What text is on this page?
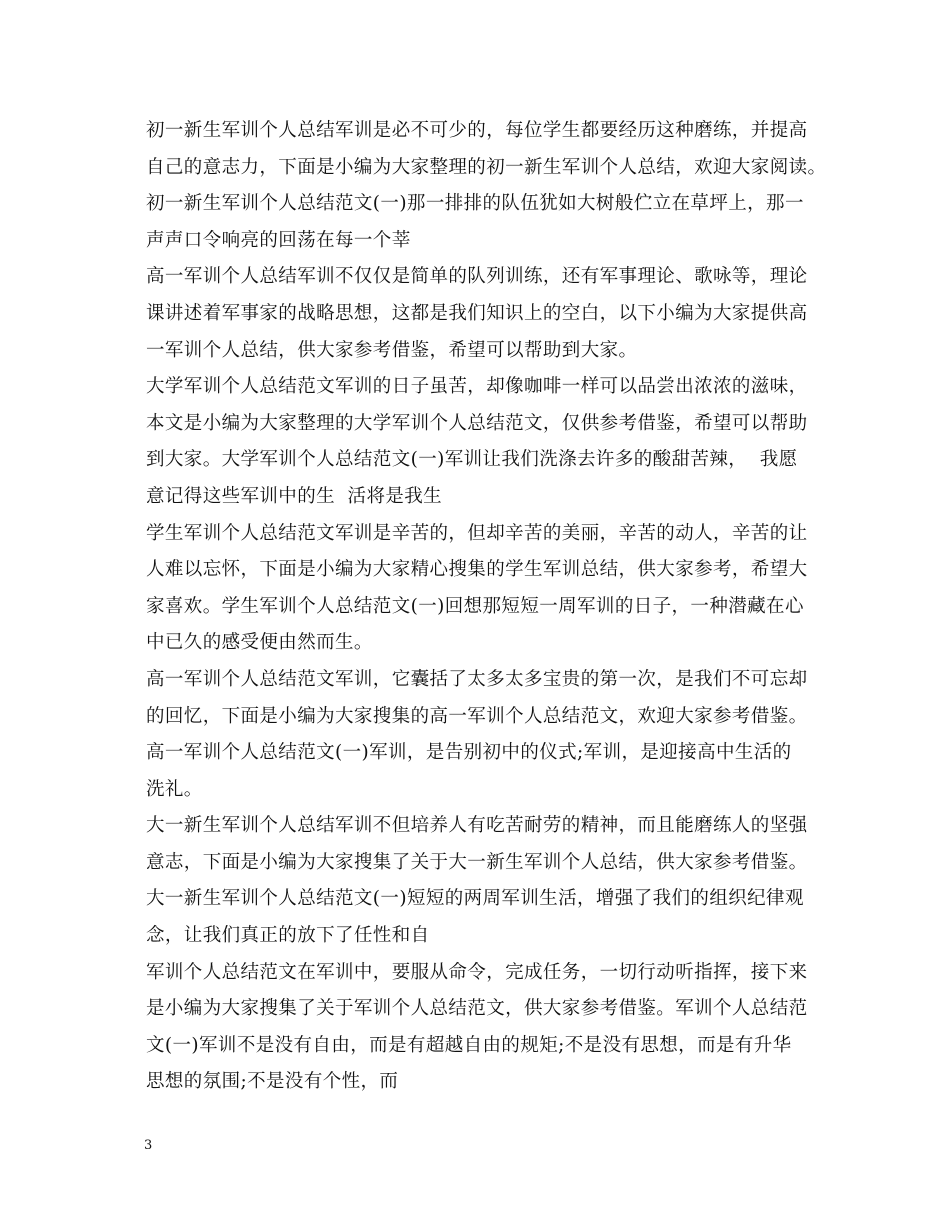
初一新生军训个人总结军训是必不可少的，每位学生都要经历这种磨练，并提高
自己的意志力，下面是小编为大家整理的初一新生军训个人总结，欢迎大家阅读。
初一新生军训个人总结范文(一)那一排排的队伍犹如大树般伫立在草坪上，那一
声声口令响亮的回荡在每一个莘
高一军训个人总结军训不仅仅是简单的队列训练，还有军事理论、歌咏等，理论
课讲述着军事家的战略思想，这都是我们知识上的空白，以下小编为大家提供高
一军训个人总结，供大家参考借鉴，希望可以帮助到大家。
大学军训个人总结范文军训的日子虽苦，却像咖啡一样可以品尝出浓浓的滋味，
本文是小编为大家整理的大学军训个人总结范文，仅供参考借鉴，希望可以帮助
到大家。大学军训个人总结范文(一)军训让我们洗涤去许多的酸甜苦辣，  我愿
意记得这些军训中的生  活将是我生
学生军训个人总结范文军训是辛苦的，但却辛苦的美丽，辛苦的动人，辛苦的让
人难以忘怀，下面是小编为大家精心搜集的学生军训总结，供大家参考，希望大
家喜欢。学生军训个人总结范文(一)回想那短短一周军训的日子，一种潜藏在心
中已久的感受便由然而生。
高一军训个人总结范文军训，它囊括了太多太多宝贵的第一次，是我们不可忘却
的回忆，下面是小编为大家搜集的高一军训个人总结范文，欢迎大家参考借鉴。
高一军训个人总结范文(一)军训，是告别初中的仪式;军训，是迎接高中生活的
洗礼。
大一新生军训个人总结军训不但培养人有吃苦耐劳的精神，而且能磨练人的坚强
意志，下面是小编为大家搜集了关于大一新生军训个人总结，供大家参考借鉴。
大一新生军训个人总结范文(一)短短的两周军训生活，增强了我们的组织纪律观
念，让我们真正的放下了任性和自
军训个人总结范文在军训中，要服从命令，完成任务，一切行动听指挥，接下来
是小编为大家搜集了关于军训个人总结范文，供大家参考借鉴。军训个人总结范
文(一)军训不是没有自由，而是有超越自由的规矩;不是没有思想，而是有升华
思想的氛围;不是没有个性，而
3
